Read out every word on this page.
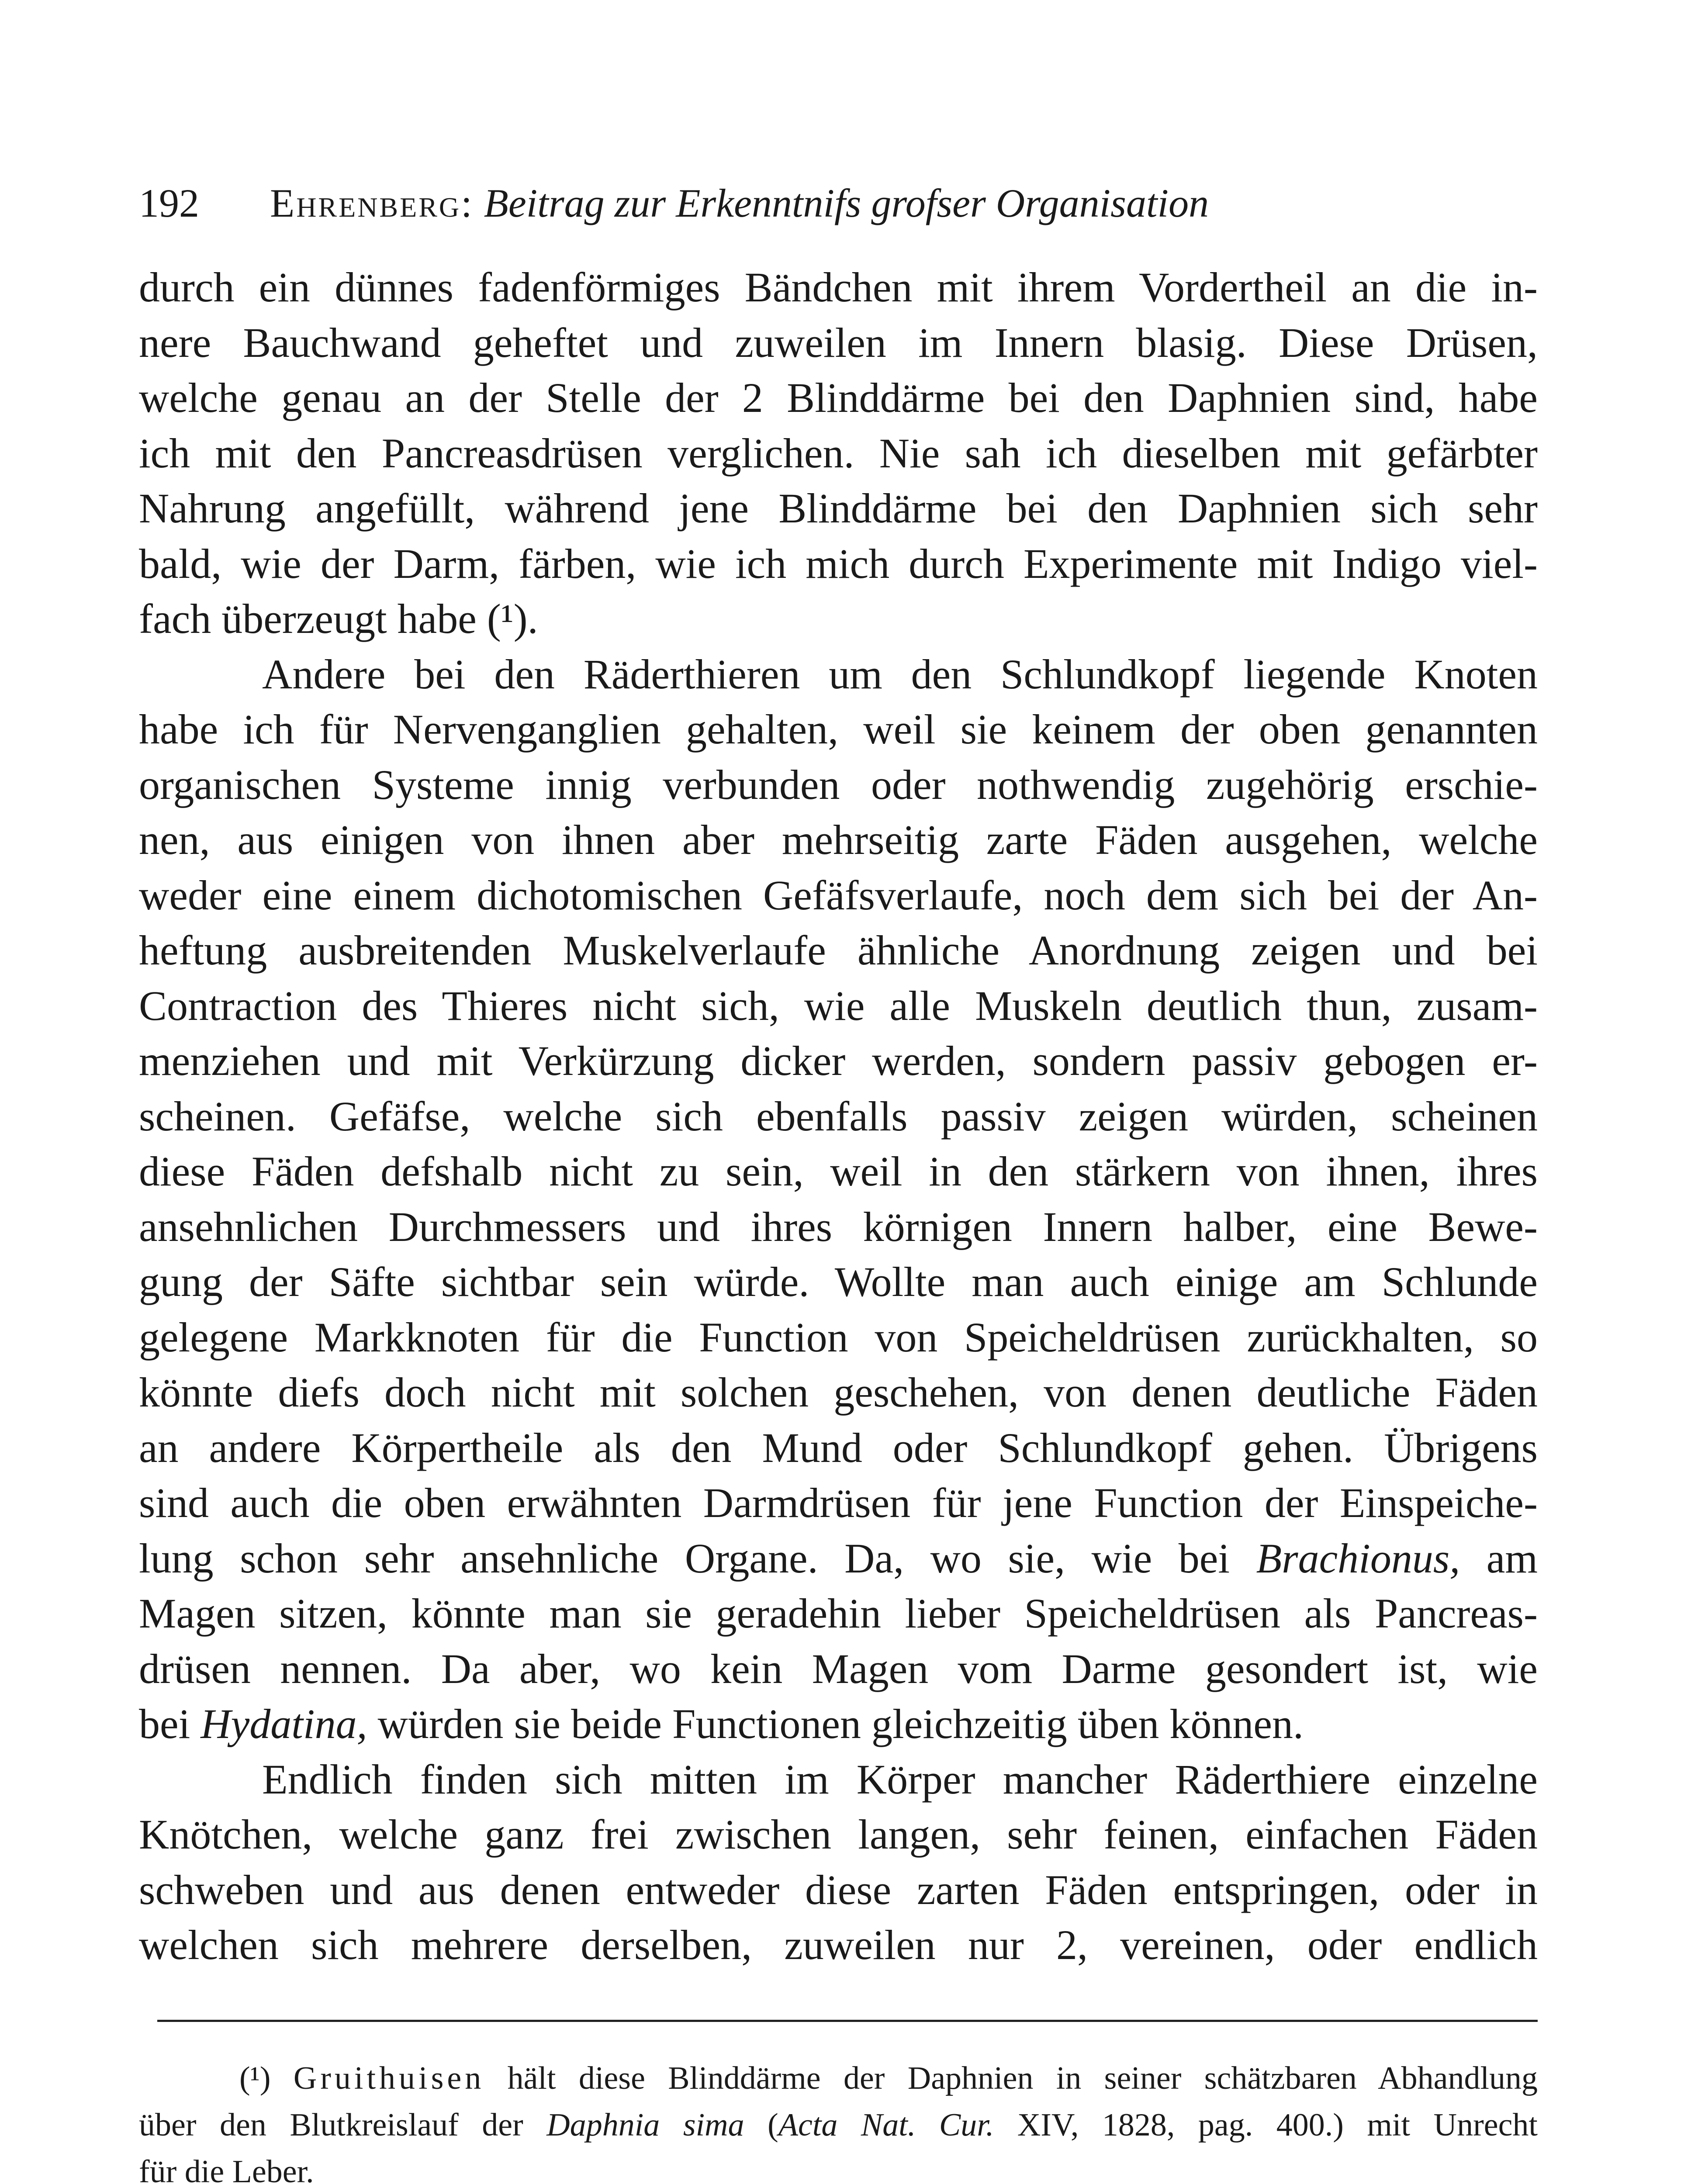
192 Ehrenberg: Beitrag zur Erkenntnifs grofser Organisation
durch ein dünnes fadenförmiges Bändchen mit ihrem Vordertheil an die in-
nere Bauchwand geheftet und zuweilen im Innern blasig. Diese Drüsen,
welche genau an der Stelle der 2 Blinddärme bei den Daphnien sind, habe
ich mit den Pancreasdrüsen verglichen. Nie sah ich dieselben mit gefärbter
Nahrung angefüllt, während jene Blinddärme bei den Daphnien sich sehr
bald, wie der Darm, färben, wie ich mich durch Experimente mit Indigo viel-
fach überzeugt habe (¹).
Andere bei den Räderthieren um den Schlundkopf liegende Knoten
habe ich für Nervenganglien gehalten, weil sie keinem der oben genannten
organischen Systeme innig verbunden oder nothwendig zugehörig erschie-
nen, aus einigen von ihnen aber mehrseitig zarte Fäden ausgehen, welche
weder eine einem dichotomischen Gefäfsverlaufe, noch dem sich bei der An-
heftung ausbreitenden Muskelverlaufe ähnliche Anordnung zeigen und bei
Contraction des Thieres nicht sich, wie alle Muskeln deutlich thun, zusam-
menziehen und mit Verkürzung dicker werden, sondern passiv gebogen er-
scheinen. Gefäfse, welche sich ebenfalls passiv zeigen würden, scheinen
diese Fäden defshalb nicht zu sein, weil in den stärkern von ihnen, ihres
ansehnlichen Durchmessers und ihres körnigen Innern halber, eine Bewe-
gung der Säfte sichtbar sein würde. Wollte man auch einige am Schlunde
gelegene Markknoten für die Function von Speicheldrüsen zurückhalten, so
könnte diefs doch nicht mit solchen geschehen, von denen deutliche Fäden
an andere Körpertheile als den Mund oder Schlundkopf gehen. Übrigens
sind auch die oben erwähnten Darmdrüsen für jene Function der Einspeiche-
lung schon sehr ansehnliche Organe. Da, wo sie, wie bei Brachionus, am
Magen sitzen, könnte man sie geradehin lieber Speicheldrüsen als Pancreas-
drüsen nennen. Da aber, wo kein Magen vom Darme gesondert ist, wie
bei Hydatina, würden sie beide Functionen gleichzeitig üben können.
Endlich finden sich mitten im Körper mancher Räderthiere einzelne
Knötchen, welche ganz frei zwischen langen, sehr feinen, einfachen Fäden
schweben und aus denen entweder diese zarten Fäden entspringen, oder in
welchen sich mehrere derselben, zuweilen nur 2, vereinen, oder endlich
(¹) Gruithuisen hält diese Blinddärme der Daphnien in seiner schätzbaren Abhandlung
über den Blutkreislauf der Daphnia sima (Acta Nat. Cur. XIV, 1828, pag. 400.) mit Unrecht
für die Leber.
